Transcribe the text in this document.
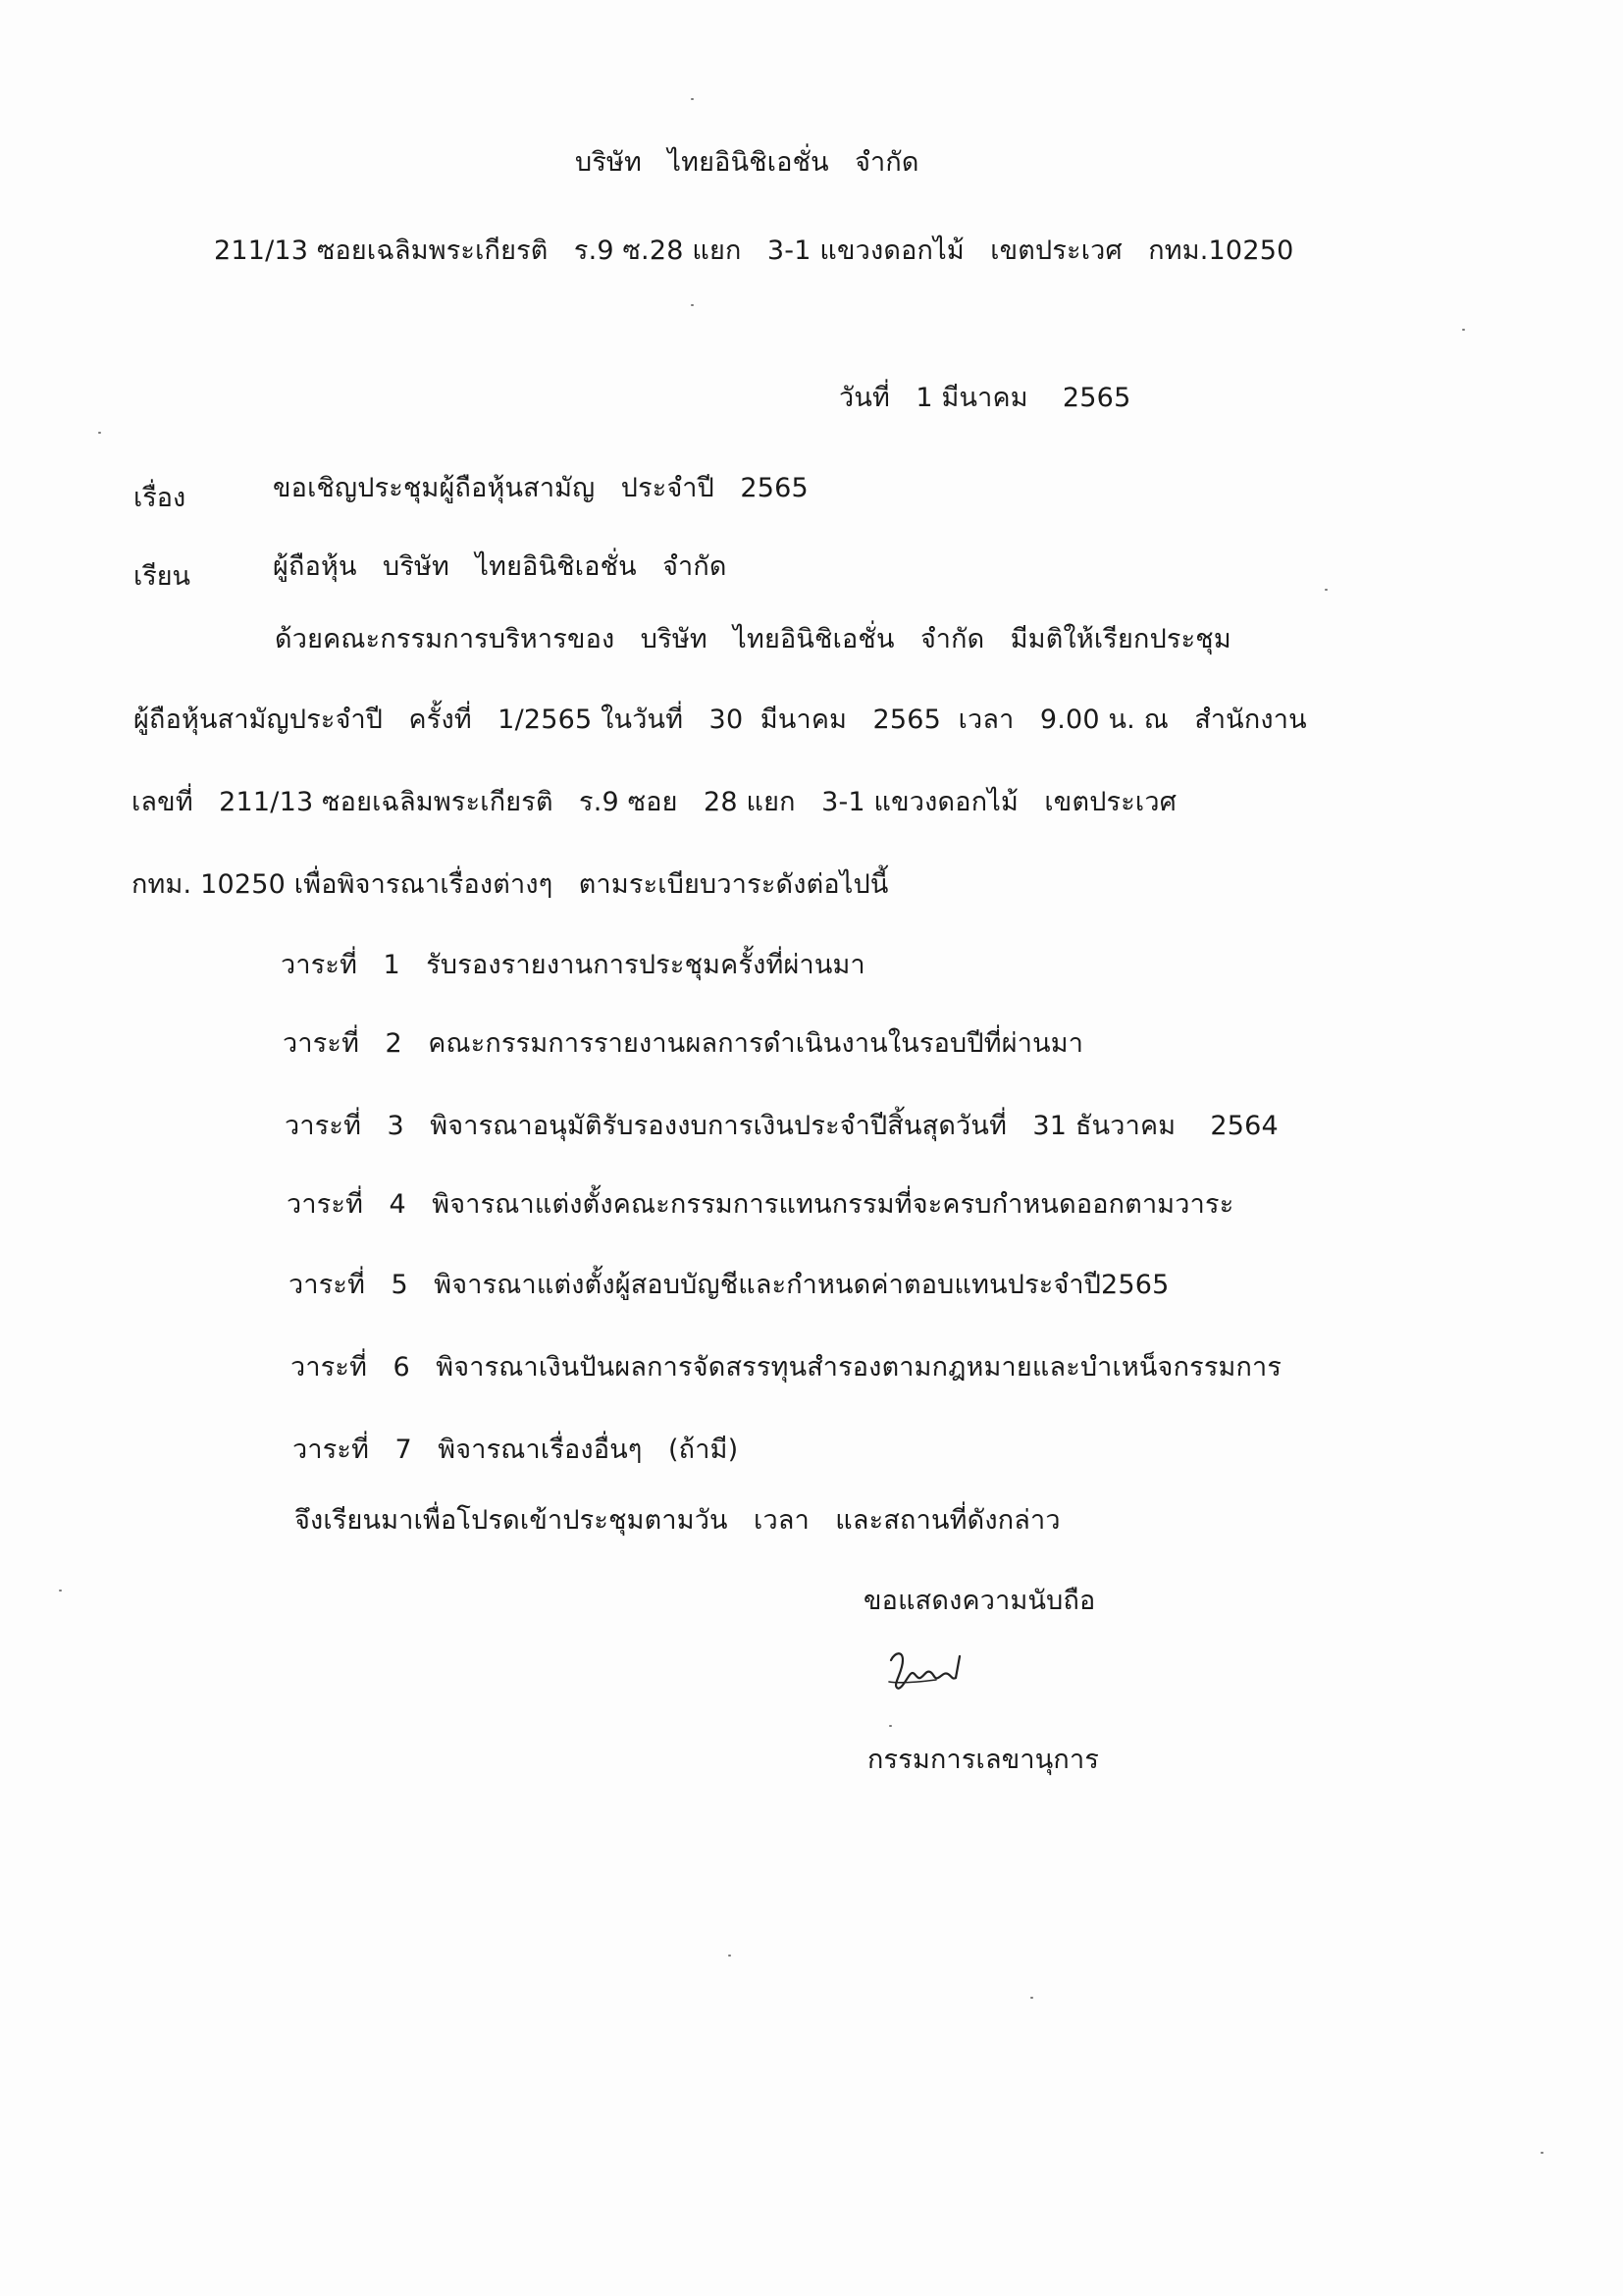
บริษัท   ไทยอินิชิเอชั่น   จำกัด
211/13 ซอยเฉลิมพระเกียรติ   ร.9 ซ.28 แยก   3-1 แขวงดอกไม้   เขตประเวศ   กทม.10250
วันที่   1 มีนาคม    2565
เรื่อง	ขอเชิญประชุมผู้ถือหุ้นสามัญ   ประจำปี   2565
เรียน	ผู้ถือหุ้น   บริษัท   ไทยอินิชิเอชั่น   จำกัด
ด้วยคณะกรรมการบริหารของ   บริษัท   ไทยอินิชิเอชั่น   จำกัด   มีมติให้เรียกประชุม
ผู้ถือหุ้นสามัญประจำปี   ครั้งที่   1/2565 ในวันที่   30  มีนาคม   2565  เวลา   9.00 น. ณ   สำนักงาน
เลขที่   211/13 ซอยเฉลิมพระเกียรติ   ร.9 ซอย   28 แยก   3-1 แขวงดอกไม้   เขตประเวศ
กทม. 10250 เพื่อพิจารณาเรื่องต่างๆ   ตามระเบียบวาระดังต่อไปนี้
วาระที่   1   รับรองรายงานการประชุมครั้งที่ผ่านมา
วาระที่   2   คณะกรรมการรายงานผลการดำเนินงานในรอบปีที่ผ่านมา
วาระที่   3   พิจารณาอนุมัติรับรองงบการเงินประจำปีสิ้นสุดวันที่   31 ธันวาคม    2564
วาระที่   4   พิจารณาแต่งตั้งคณะกรรมการแทนกรรมที่จะครบกำหนดออกตามวาระ
วาระที่   5   พิจารณาแต่งตั้งผู้สอบบัญชีและกำหนดค่าตอบแทนประจำปี2565
วาระที่   6   พิจารณาเงินปันผลการจัดสรรทุนสำรองตามกฎหมายและบำเหน็จกรรมการ
วาระที่   7   พิจารณาเรื่องอื่นๆ   (ถ้ามี)
จึงเรียนมาเพื่อโปรดเข้าประชุมตามวัน   เวลา   และสถานที่ดังกล่าว
ขอแสดงความนับถือ
กรรมการเลขานุการ
